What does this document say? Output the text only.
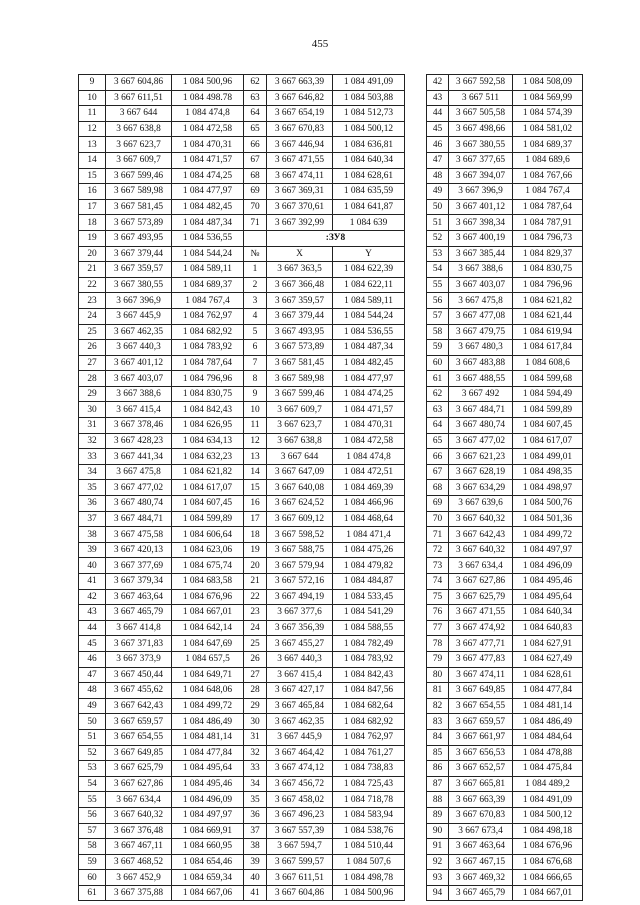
455
9	3 667 604,86	1 084 500,96	62	3 667 663,39	1 084 491,09		42	3 667 592,58	1 084 508,09
10	3 667 611,51	1 084 498.78	63	3 667 646,82	1 084 503,88		43	3 667 511	1 084 569,99
11	3 667 644	1 084 474,8	64	3 667 654,19	1 084 512,73		44	3 667 505,58	1 084 574,39
12	3 667 638,8	1 084 472,58	65	3 667 670,83	1 084 500,12		45	3 667 498,66	1 084 581,02
13	3 667 623,7	1 084 470,31	66	3 667 446,94	1 084 636,81		46	3 667 380,55	1 084 689,37
14	3 667 609,7	1 084 471,57	67	3 667 471,55	1 084 640,34		47	3 667 377,65	1 084 689,6
15	3 667 599,46	1 084 474,25	68	3 667 474,11	1 084 628,61		48	3 667 394,07	1 084 767,66
16	3 667 589,98	1 084 477,97	69	3 667 369,31	1 084 635,59		49	3 667 396,9	1 084 767,4
17	3 667 581,45	1 084 482,45	70	3 667 370,61	1 084 641,87		50	3 667 401,12	1 084 787,64
18	3 667 573,89	1 084 487,34	71	3 667 392,99	1 084 639		51	3 667 398,34	1 084 787,91
19	3 667 493,95	1 084 536,55		:ЗУ8			52	3 667 400,19	1 084 796,73
20	3 667 379,44	1 084 544,24	№	X	Y		53	3 667 385,44	1 084 829,37
21	3 667 359,57	1 084 589,11	1	3 667 363,5	1 084 622,39		54	3 667 388,6	1 084 830,75
22	3 667 380,55	1 084 689,37	2	3 667 366,48	1 084 622,11		55	3 667 403,07	1 084 796,96
23	3 667 396,9	1 084 767,4	3	3 667 359,57	1 084 589,11		56	3 667 475,8	1 084 621,82
24	3 667 445,9	1 084 762,97	4	3 667 379,44	1 084 544,24		57	3 667 477,08	1 084 621,44
25	3 667 462,35	1 084 682,92	5	3 667 493,95	1 084 536,55		58	3 667 479,75	1 084 619,94
26	3 667 440,3	1 084 783,92	6	3 667 573,89	1 084 487,34		59	3 667 480,3	1 084 617,84
27	3 667 401,12	1 084 787,64	7	3 667 581,45	1 084 482,45		60	3 667 483,88	1 084 608,6
28	3 667 403,07	1 084 796,96	8	3 667 589,98	1 084 477,97		61	3 667 488,55	1 084 599,68
29	3 667 388,6	1 084 830,75	9	3 667 599,46	1 084 474,25		62	3 667 492	1 084 594,49
30	3 667 415,4	1 084 842,43	10	3 667 609,7	1 084 471,57		63	3 667 484,71	1 084 599,89
31	3 667 378,46	1 084 626,95	11	3 667 623,7	1 084 470,31		64	3 667 480,74	1 084 607,45
32	3 667 428,23	1 084 634,13	12	3 667 638,8	1 084 472,58		65	3 667 477,02	1 084 617,07
33	3 667 441,34	1 084 632,23	13	3 667 644	1 084 474,8		66	3 667 621,23	1 084 499,01
34	3 667 475,8	1 084 621,82	14	3 667 647,09	1 084 472,51		67	3 667 628,19	1 084 498,35
35	3 667 477,02	1 084 617,07	15	3 667 640,08	1 084 469,39		68	3 667 634,29	1 084 498,97
36	3 667 480,74	1 084 607,45	16	3 667 624,52	1 084 466,96		69	3 667 639,6	1 084 500,76
37	3 667 484,71	1 084 599,89	17	3 667 609,12	1 084 468,64		70	3 667 640,32	1 084 501,36
38	3 667 475,58	1 084 606,64	18	3 667 598,52	1 084 471,4		71	3 667 642,43	1 084 499,72
39	3 667 420,13	1 084 623,06	19	3 667 588,75	1 084 475,26		72	3 667 640,32	1 084 497,97
40	3 667 377,69	1 084 675,74	20	3 667 579,94	1 084 479,82		73	3 667 634,4	1 084 496,09
41	3 667 379,34	1 084 683,58	21	3 667 572,16	1 084 484,87		74	3 667 627,86	1 084 495,46
42	3 667 463,64	1 084 676,96	22	3 667 494,19	1 084 533,45		75	3 667 625,79	1 084 495,64
43	3 667 465,79	1 084 667,01	23	3 667 377,6	1 084 541,29		76	3 667 471,55	1 084 640,34
44	3 667 414,8	1 084 642,14	24	3 667 356,39	1 084 588,55		77	3 667 474,92	1 084 640,83
45	3 667 371,83	1 084 647,69	25	3 667 455,27	1 084 782,49		78	3 667 477,71	1 084 627,91
46	3 667 373,9	1 084 657,5	26	3 667 440,3	1 084 783,92		79	3 667 477,83	1 084 627,49
47	3 667 450,44	1 084 649,71	27	3 667 415,4	1 084 842,43		80	3 667 474,11	1 084 628,61
48	3 667 455,62	1 084 648,06	28	3 667 427,17	1 084 847,56		81	3 667 649,85	1 084 477,84
49	3 667 642,43	1 084 499,72	29	3 667 465,84	1 084 682,64		82	3 667 654,55	1 084 481,14
50	3 667 659,57	1 084 486,49	30	3 667 462,35	1 084 682,92		83	3 667 659,57	1 084 486,49
51	3 667 654,55	1 084 481,14	31	3 667 445,9	1 084 762,97		84	3 667 661,97	1 084 484,64
52	3 667 649,85	1 084 477,84	32	3 667 464,42	1 084 761,27		85	3 667 656,53	1 084 478,88
53	3 667 625,79	1 084 495,64	33	3 667 474,12	1 084 738,83		86	3 667 652,57	1 084 475,84
54	3 667 627,86	1 084 495,46	34	3 667 456,72	1 084 725,43		87	3 667 665,81	1 084 489,2
55	3 667 634,4	1 084 496,09	35	3 667 458,02	1 084 718,78		88	3 667 663,39	1 084 491,09
56	3 667 640,32	1 084 497,97	36	3 667 496,23	1 084 583,94		89	3 667 670,83	1 084 500,12
57	3 667 376,48	1 084 669,91	37	3 667 557,39	1 084 538,76		90	3 667 673,4	1 084 498,18
58	3 667 467,11	1 084 660,95	38	3 667 594,7	1 084 510,44		91	3 667 463,64	1 084 676,96
59	3 667 468,52	1 084 654,46	39	3 667 599,57	1 084 507,6		92	3 667 467,15	1 084 676,68
60	3 667 452,9	1 084 659,34	40	3 667 611,51	1 084 498,78		93	3 667 469,32	1 084 666,65
61	3 667 375,88	1 084 667,06	41	3 667 604,86	1 084 500,96		94	3 667 465,79	1 084 667,01
